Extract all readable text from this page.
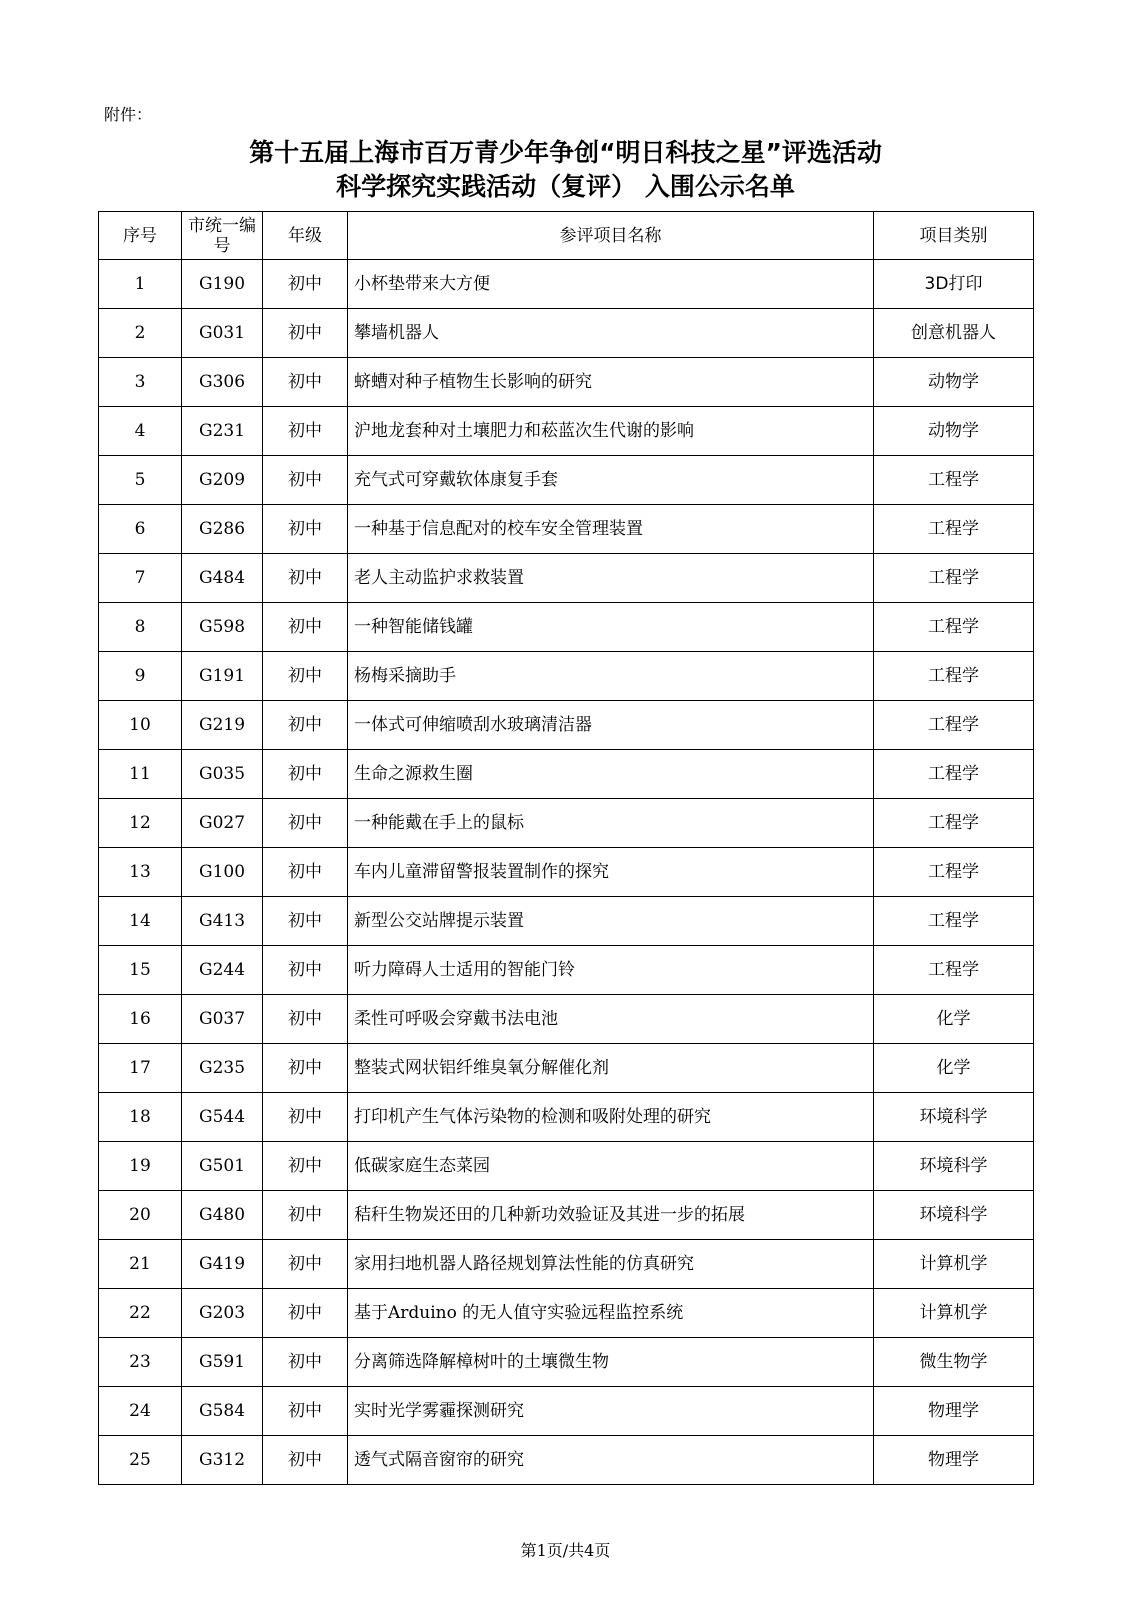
附件：
第十五届上海市百万青少年争创“明日科技之星”评选活动
科学探究实践活动（复评） 入围公示名单
序号	市统一编号	年级	参评项目名称	项目类别
1	G190	初中	小杯垫带来大方便	3D打印
2	G031	初中	攀墙机器人	创意机器人
3	G306	初中	蛴螬对种子植物生长影响的研究	动物学
4	G231	初中	沪地龙套种对土壤肥力和菘蓝次生代谢的影响	动物学
5	G209	初中	充气式可穿戴软体康复手套	工程学
6	G286	初中	一种基于信息配对的校车安全管理装置	工程学
7	G484	初中	老人主动监护求救装置	工程学
8	G598	初中	一种智能储钱罐	工程学
9	G191	初中	杨梅采摘助手	工程学
10	G219	初中	一体式可伸缩喷刮水玻璃清洁器	工程学
11	G035	初中	生命之源救生圈	工程学
12	G027	初中	一种能戴在手上的鼠标	工程学
13	G100	初中	车内儿童滞留警报装置制作的探究	工程学
14	G413	初中	新型公交站牌提示装置	工程学
15	G244	初中	听力障碍人士适用的智能门铃	工程学
16	G037	初中	柔性可呼吸会穿戴书法电池	化学
17	G235	初中	整装式网状铝纤维臭氧分解催化剂	化学
18	G544	初中	打印机产生气体污染物的检测和吸附处理的研究	环境科学
19	G501	初中	低碳家庭生态菜园	环境科学
20	G480	初中	秸秆生物炭还田的几种新功效验证及其进一步的拓展	环境科学
21	G419	初中	家用扫地机器人路径规划算法性能的仿真研究	计算机学
22	G203	初中	基于Arduino 的无人值守实验远程监控系统	计算机学
23	G591	初中	分离筛选降解樟树叶的土壤微生物	微生物学
24	G584	初中	实时光学雾霾探测研究	物理学
25	G312	初中	透气式隔音窗帘的研究	物理学
第1页/共4页
